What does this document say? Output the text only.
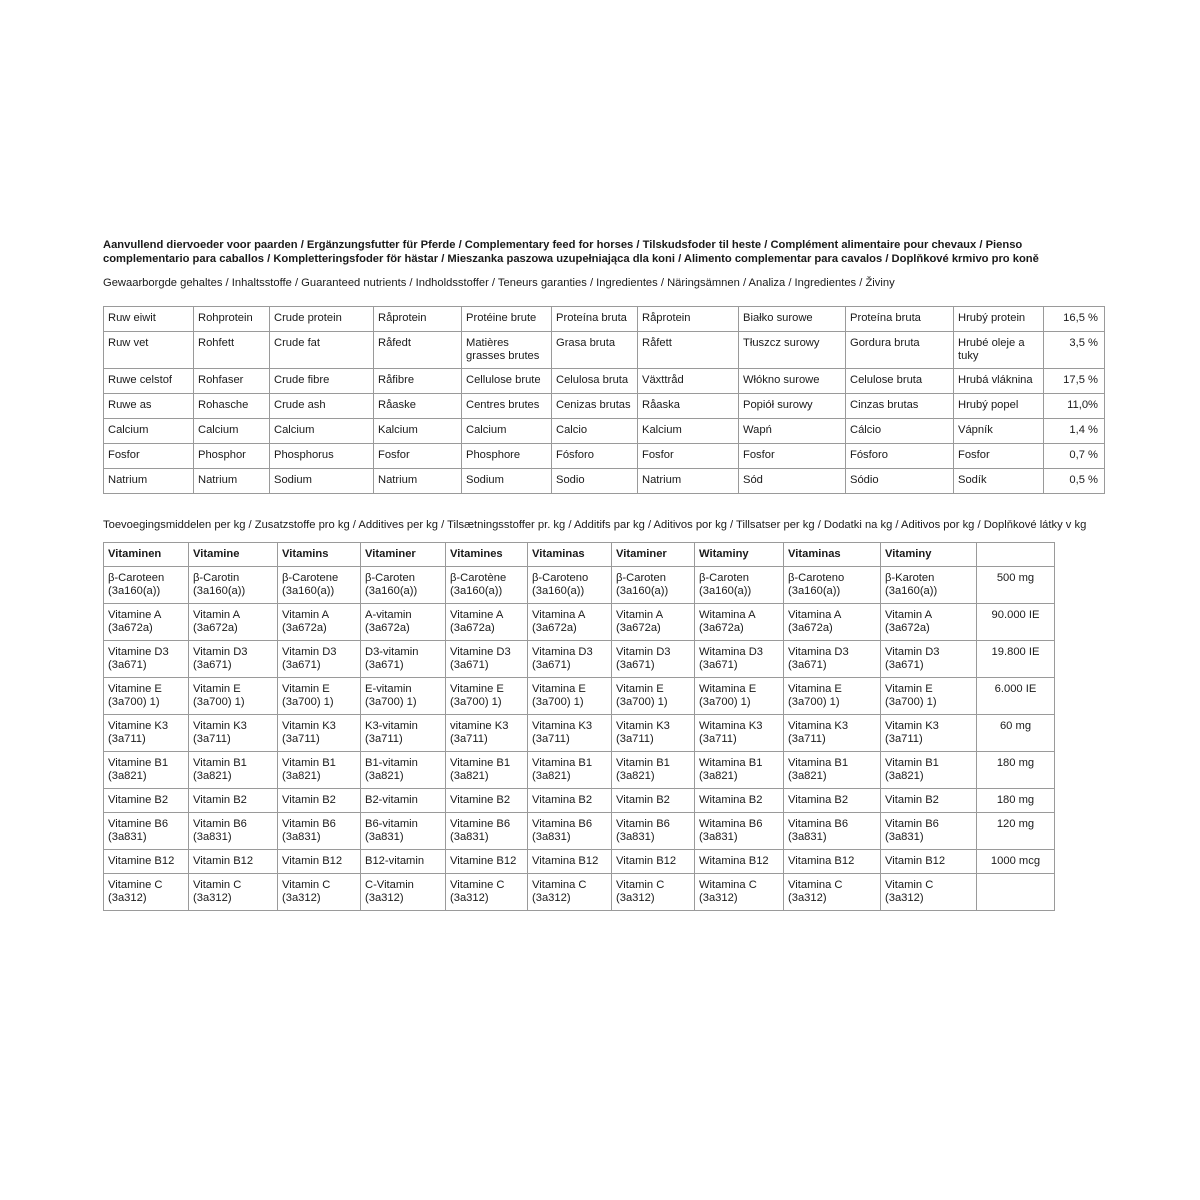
Aanvullend diervoeder voor paarden / Ergänzungsfutter für Pferde / Complementary feed for horses / Tilskudsfoder til heste / Complément alimentaire pour chevaux / Pienso complementario para caballos / Kompletteringsfoder för hästar / Mieszanka paszowa uzupełniająca dla koni / Alimento complementar para cavalos / Doplňkové krmivo pro koně

Gewaarborgde gehaltes / Inhaltsstoffe / Guaranteed nutrients / Indholdsstoffer / Teneurs garanties / Ingredientes / Näringsämnen / Analiza / Ingredientes / Živiny

Ruw eiwit	Rohprotein	Crude protein	Råprotein	Protéine brute	Proteína bruta	Råprotein	Białko surowe	Proteína bruta	Hrubý protein	16,5 %
Ruw vet	Rohfett	Crude fat	Råfedt	Matières grasses brutes	Grasa bruta	Råfett	Tłuszcz surowy	Gordura bruta	Hrubé oleje a tuky	3,5 %
Ruwe celstof	Rohfaser	Crude fibre	Råfibre	Cellulose brute	Celulosa bruta	Växttråd	Włókno surowe	Celulose bruta	Hrubá vláknina	17,5 %
Ruwe as	Rohasche	Crude ash	Råaske	Centres brutes	Cenizas brutas	Råaska	Popiół surowy	Cinzas brutas	Hrubý popel	11,0%
Calcium	Calcium	Calcium	Kalcium	Calcium	Calcio	Kalcium	Wapń	Cálcio	Vápník	1,4 %
Fosfor	Phosphor	Phosphorus	Fosfor	Phosphore	Fósforo	Fosfor	Fosfor	Fósforo	Fosfor	0,7 %
Natrium	Natrium	Sodium	Natrium	Sodium	Sodio	Natrium	Sód	Sódio	Sodík	0,5 %

Toevoegingsmiddelen per kg / Zusatzstoffe pro kg / Additives per kg / Tilsætningsstoffer pr. kg / Additifs par kg / Aditivos por kg / Tillsatser per kg / Dodatki na kg / Aditivos por kg / Doplňkové látky v kg

Vitaminen	Vitamine	Vitamins	Vitaminer	Vitamines	Vitaminas	Vitaminer	Witaminy	Vitaminas	Vitaminy	
β-Caroteen (3a160(a))	β-Carotin (3a160(a))	β-Carotene (3a160(a))	β-Caroten (3a160(a))	β-Carotène (3a160(a))	β-Caroteno (3a160(a))	β-Caroten (3a160(a))	β-Caroten (3a160(a))	β-Caroteno (3a160(a))	β-Karoten (3a160(a))	500 mg
Vitamine A (3a672a)	Vitamin A (3a672a)	Vitamin A (3a672a)	A-vitamin (3a672a)	Vitamine A (3a672a)	Vitamina A (3a672a)	Vitamin A (3a672a)	Witamina A (3a672a)	Vitamina A (3a672a)	Vitamin A (3a672a)	90.000 IE
Vitamine D3 (3a671)	Vitamin D3 (3a671)	Vitamin D3 (3a671)	D3-vitamin (3a671)	Vitamine D3 (3a671)	Vitamina D3 (3a671)	Vitamin D3 (3a671)	Witamina D3 (3a671)	Vitamina D3 (3a671)	Vitamin D3 (3a671)	19.800 IE
Vitamine E (3a700) 1)	Vitamin E (3a700) 1)	Vitamin E (3a700) 1)	E-vitamin (3a700) 1)	Vitamine E (3a700) 1)	Vitamina E (3a700) 1)	Vitamin E (3a700) 1)	Witamina E (3a700) 1)	Vitamina E (3a700) 1)	Vitamin E (3a700) 1)	6.000 IE
Vitamine K3 (3a711)	Vitamin K3 (3a711)	Vitamin K3 (3a711)	K3-vitamin (3a711)	vitamine K3 (3a711)	Vitamina K3 (3a711)	Vitamin K3 (3a711)	Witamina K3 (3a711)	Vitamina K3 (3a711)	Vitamin K3 (3a711)	60 mg
Vitamine B1 (3a821)	Vitamin B1 (3a821)	Vitamin B1 (3a821)	B1-vitamin (3a821)	Vitamine B1 (3a821)	Vitamina B1 (3a821)	Vitamin B1 (3a821)	Witamina B1 (3a821)	Vitamina B1 (3a821)	Vitamin B1 (3a821)	180 mg
Vitamine B2	Vitamin B2	Vitamin B2	B2-vitamin	Vitamine B2	Vitamina B2	Vitamin B2	Witamina B2	Vitamina B2	Vitamin B2	180 mg
Vitamine B6 (3a831)	Vitamin B6 (3a831)	Vitamin B6 (3a831)	B6-vitamin (3a831)	Vitamine B6 (3a831)	Vitamina B6 (3a831)	Vitamin B6 (3a831)	Witamina B6 (3a831)	Vitamina B6 (3a831)	Vitamin B6 (3a831)	120 mg
Vitamine B12	Vitamin B12	Vitamin B12	B12-vitamin	Vitamine B12	Vitamina B12	Vitamin B12	Witamina B12	Vitamina B12	Vitamin B12	1000 mcg
Vitamine C (3a312)	Vitamin C (3a312)	Vitamin C (3a312)	C-Vitamin (3a312)	Vitamine C (3a312)	Vitamina C (3a312)	Vitamin C (3a312)	Witamina C (3a312)	Vitamina C (3a312)	Vitamin C (3a312)	
